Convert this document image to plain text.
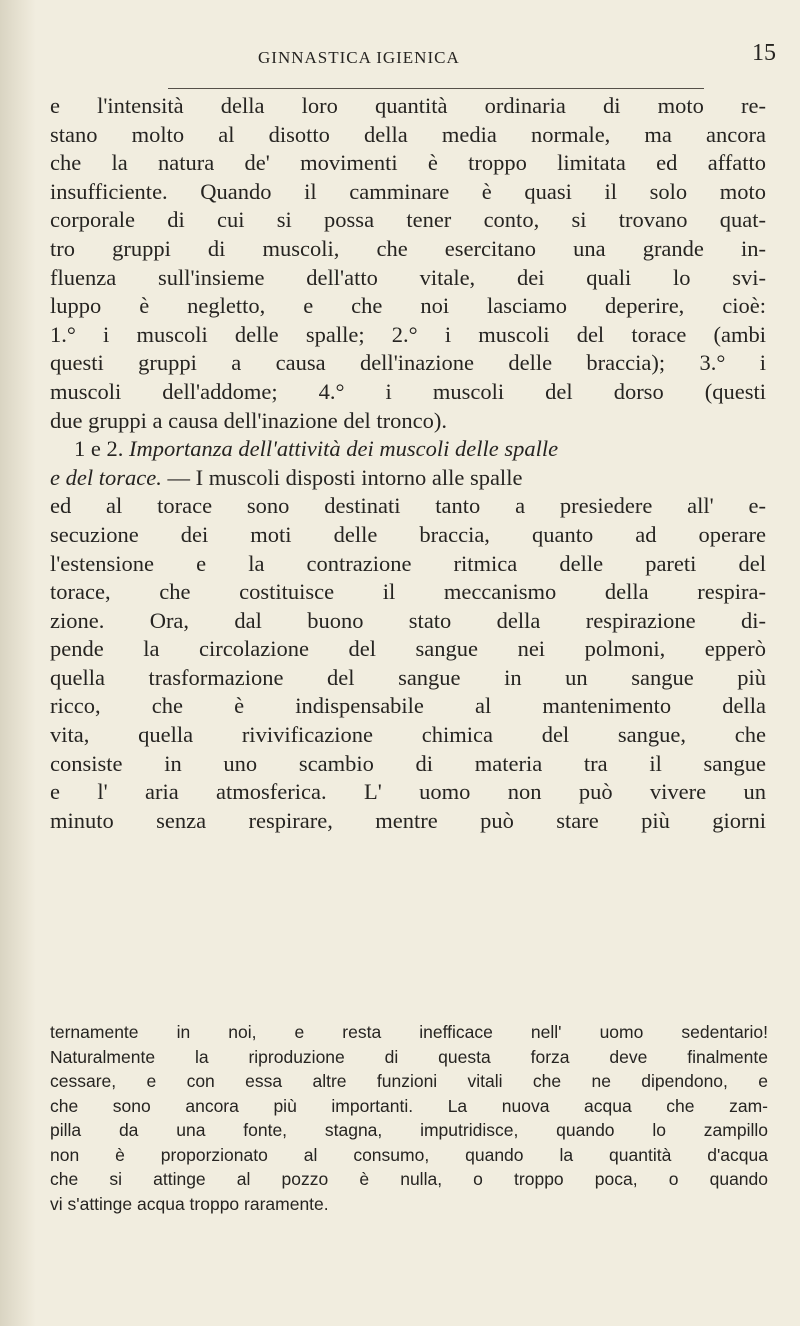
GINNASTICA IGIENICA	15
e l'intensità della loro quantità ordinaria di moto re-
stano molto al disotto della media normale, ma ancora
che la natura de' movimenti è troppo limitata ed affatto
insufficiente. Quando il camminare è quasi il solo moto
corporale di cui si possa tener conto, si trovano quat-
tro gruppi di muscoli, che esercitano una grande in-
fluenza sull'insieme dell'atto vitale, dei quali lo svi-
luppo è negletto, e che noi lasciamo deperire, cioè:
1.° i muscoli delle spalle; 2.° i muscoli del torace (ambi
questi gruppi a causa dell'inazione delle braccia); 3.° i
muscoli dell'addome; 4.° i muscoli del dorso (questi
due gruppi a causa dell'inazione del tronco).
1 e 2. Importanza dell'attività dei muscoli delle spalle
e del torace. — I muscoli disposti intorno alle spalle
ed al torace sono destinati tanto a presiedere all' e-
secuzione dei moti delle braccia, quanto ad operare
l'estensione e la contrazione ritmica delle pareti del
torace, che costituisce il meccanismo della respira-
zione. Ora, dal buono stato della respirazione di-
pende la circolazione del sangue nei polmoni, epperò
quella trasformazione del sangue in un sangue più
ricco, che è indispensabile al mantenimento della
vita, quella rivivificazione chimica del sangue, che
consiste in uno scambio di materia tra il sangue
e l' aria atmosferica. L' uomo non può vivere un
minuto senza respirare, mentre può stare più giorni
ternamente in noi, e resta inefficace nell' uomo sedentario!
Naturalmente la riproduzione di questa forza deve finalmente
cessare, e con essa altre funzioni vitali che ne dipendono, e
che sono ancora più importanti. La nuova acqua che zam-
pilla da una fonte, stagna, imputridisce, quando lo zampillo
non è proporzionato al consumo, quando la quantità d'acqua
che si attinge al pozzo è nulla, o troppo poca, o quando
vi s'attinge acqua troppo raramente.
